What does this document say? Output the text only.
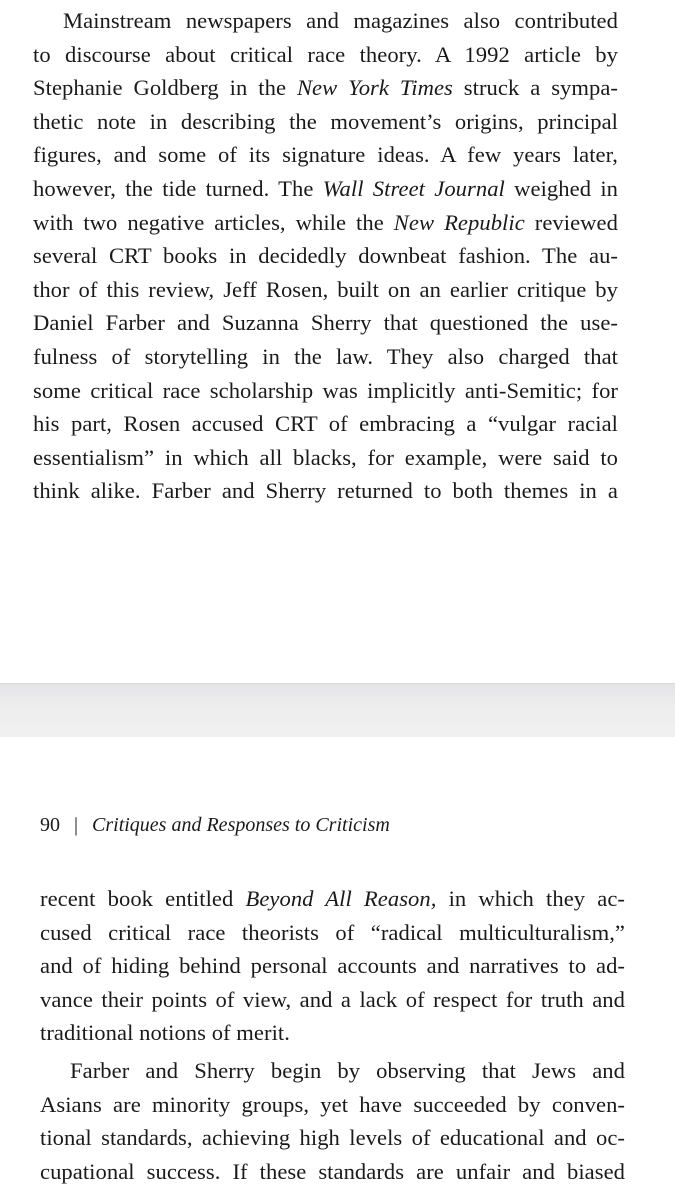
Mainstream newspapers and magazines also contributed
to discourse about critical race theory. A 1992 article by
Stephanie Goldberg in the New York Times struck a sympa-
thetic note in describing the movement’s origins, principal
figures, and some of its signature ideas. A few years later,
however, the tide turned. The Wall Street Journal weighed in
with two negative articles, while the New Republic reviewed
several CRT books in decidedly downbeat fashion. The au-
thor of this review, Jeff Rosen, built on an earlier critique by
Daniel Farber and Suzanna Sherry that questioned the use-
fulness of storytelling in the law. They also charged that
some critical race scholarship was implicitly anti-Semitic; for
his part, Rosen accused CRT of embracing a “vulgar racial
essentialism” in which all blacks, for example, were said to
think alike. Farber and Sherry returned to both themes in a
90 | Critiques and Responses to Criticism
recent book entitled Beyond All Reason, in which they ac-
cused critical race theorists of “radical multiculturalism,”
and of hiding behind personal accounts and narratives to ad-
vance their points of view, and a lack of respect for truth and
traditional notions of merit.
Farber and Sherry begin by observing that Jews and
Asians are minority groups, yet have succeeded by conven-
tional standards, achieving high levels of educational and oc-
cupational success. If these standards are unfair and biased
